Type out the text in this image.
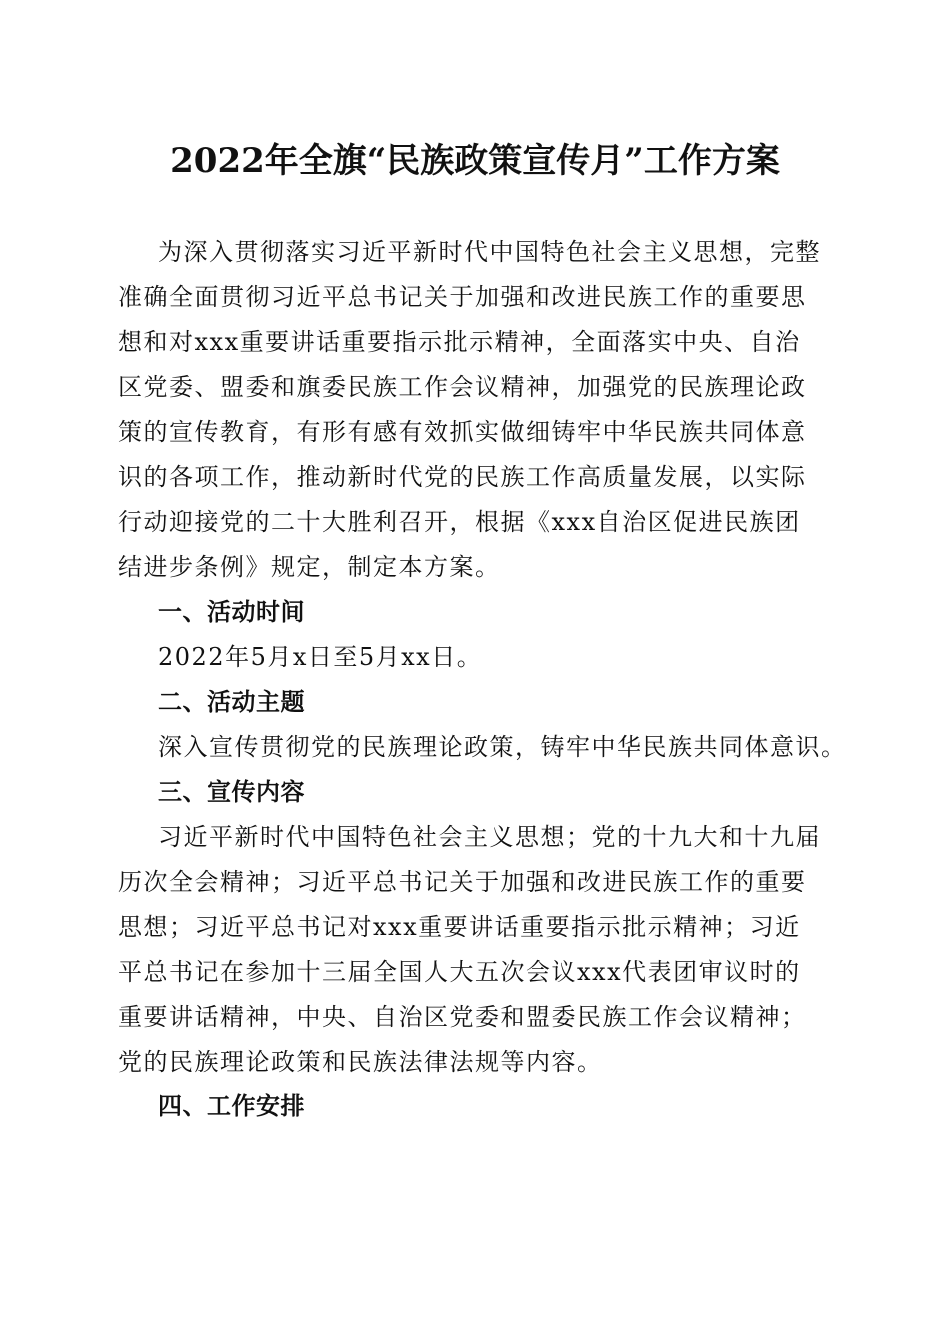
2022年全旗“民族政策宣传月”工作方案
为深入贯彻落实习近平新时代中国特色社会主义思想，完整
准确全面贯彻习近平总书记关于加强和改进民族工作的重要思
想和对xxx重要讲话重要指示批示精神，全面落实中央、自治
区党委、盟委和旗委民族工作会议精神，加强党的民族理论政
策的宣传教育，有形有感有效抓实做细铸牢中华民族共同体意
识的各项工作，推动新时代党的民族工作高质量发展，以实际
行动迎接党的二十大胜利召开，根据《xxx自治区促进民族团
结进步条例》规定，制定本方案。
一、活动时间
2022年5月x日至5月xx日。
二、活动主题
深入宣传贯彻党的民族理论政策，铸牢中华民族共同体意识。
三、宣传内容
习近平新时代中国特色社会主义思想；党的十九大和十九届
历次全会精神；习近平总书记关于加强和改进民族工作的重要
思想；习近平总书记对xxx重要讲话重要指示批示精神；习近
平总书记在参加十三届全国人大五次会议xxx代表团审议时的
重要讲话精神，中央、自治区党委和盟委民族工作会议精神；
党的民族理论政策和民族法律法规等内容。
四、工作安排
